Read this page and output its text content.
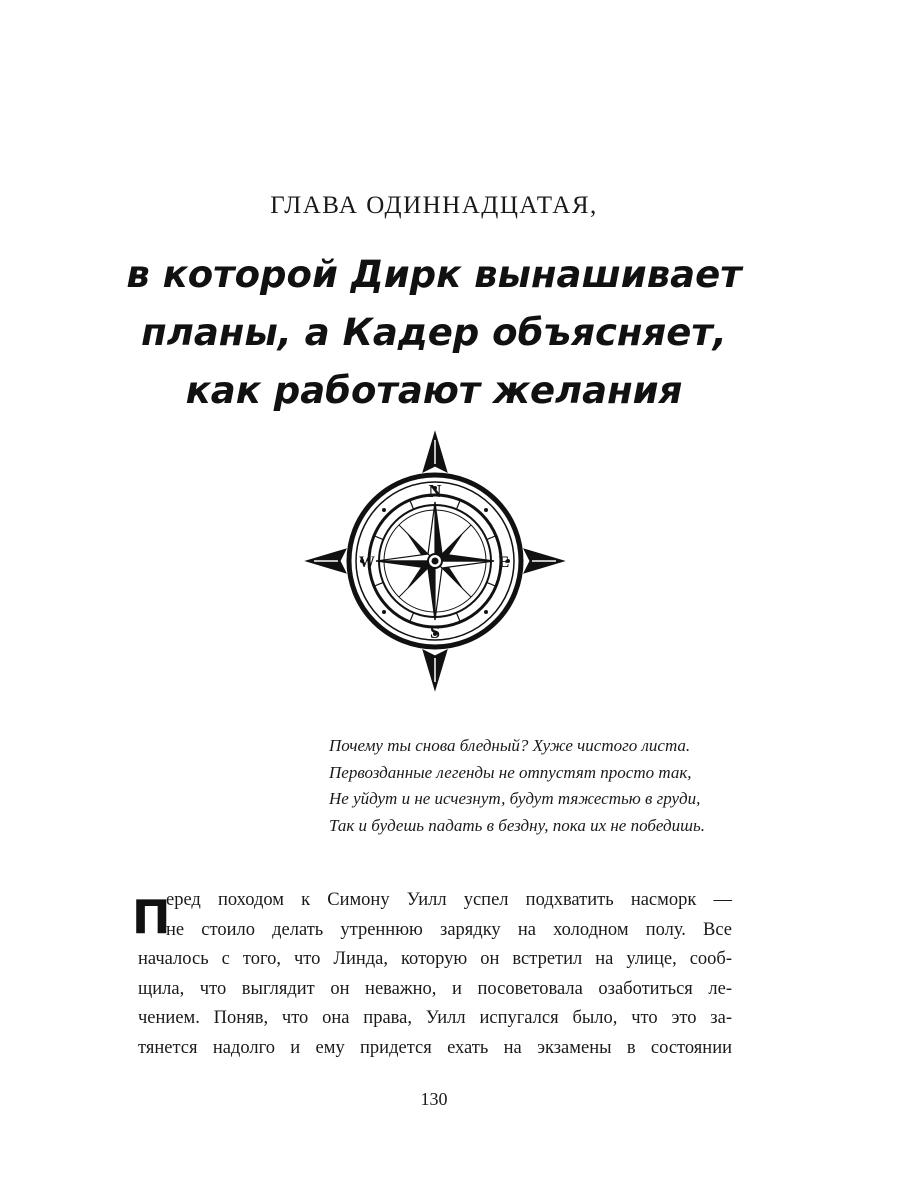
ГЛАВА ОДИННАДЦАТАЯ,
в которой Дирк вынашивает
планы, а Кадер объясняет,
как работают желания
N
S
W	E
Почему ты снова бледный? Хуже чистого листа.
Первозданные легенды не отпустят просто так,
Не уйдут и не исчезнут, будут тяжестью в груди,
Так и будешь падать в бездну, пока их не победишь.
П
еред походом к Симону Уилл успел подхватить насморк —
не стоило делать утреннюю зарядку на холодном полу. Все
началось с того, что Линда, которую он встретил на улице, сооб-
щила, что выглядит он неважно, и посоветовала озаботиться ле-
чением. Поняв, что она права, Уилл испугался было, что это за-
тянется надолго и ему придется ехать на экзамены в состоянии
130
